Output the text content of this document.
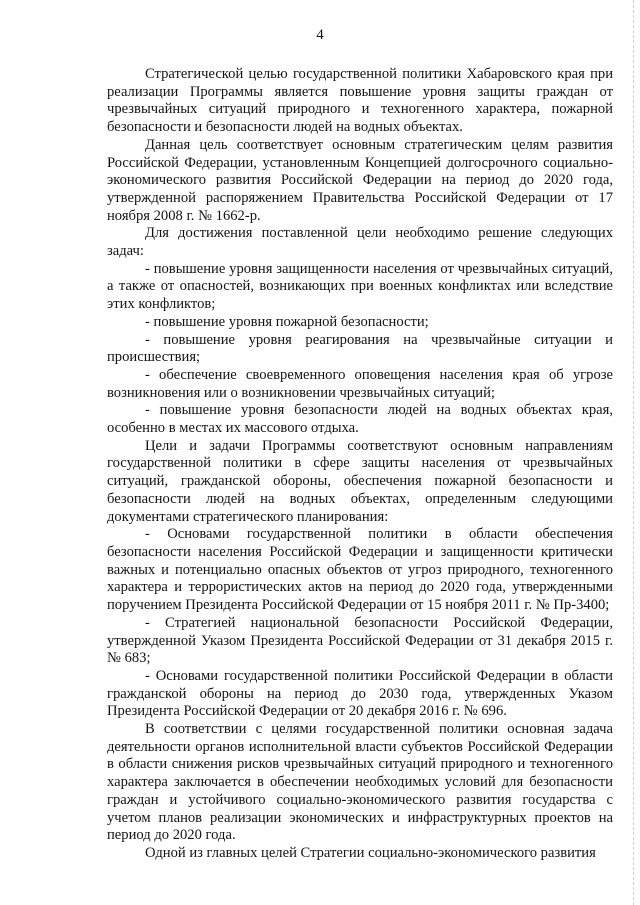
4

Стратегической целью государственной политики Хабаровского края при реализации Программы является повышение уровня защиты граждан от чрезвычайных ситуаций природного и техногенного характера, пожарной безопасности и безопасности людей на водных объектах.

Данная цель соответствует основным стратегическим целям развития Российской Федерации, установленным Концепцией долгосрочного социально-экономического развития Российской Федерации на период до 2020 года, утвержденной распоряжением Правительства Российской Федерации от 17 ноября 2008 г. № 1662-р.

Для достижения поставленной цели необходимо решение следующих задач:

- повышение уровня защищенности населения от чрезвычайных ситуаций, а также от опасностей, возникающих при военных конфликтах или вследствие этих конфликтов;

- повышение уровня пожарной безопасности;

- повышение уровня реагирования на чрезвычайные ситуации и происшествия;

- обеспечение своевременного оповещения населения края об угрозе возникновения или о возникновении чрезвычайных ситуаций;

- повышение уровня безопасности людей на водных объектах края, особенно в местах их массового отдыха.

Цели и задачи Программы соответствуют основным направлениям государственной политики в сфере защиты населения от чрезвычайных ситуаций, гражданской обороны, обеспечения пожарной безопасности и безопасности людей на водных объектах, определенным следующими документами стратегического планирования:

- Основами государственной политики в области обеспечения безопасности населения Российской Федерации и защищенности критически важных и потенциально опасных объектов от угроз природного, техногенного характера и террористических актов на период до 2020 года, утвержденными поручением Президента Российской Федерации от 15 ноября 2011 г. № Пр-3400;

- Стратегией национальной безопасности Российской Федерации, утвержденной Указом Президента Российской Федерации от 31 декабря 2015 г. № 683;

- Основами государственной политики Российской Федерации в области гражданской обороны на период до 2030 года, утвержденных Указом Президента Российской Федерации от 20 декабря 2016 г. № 696.

В соответствии с целями государственной политики основная задача деятельности органов исполнительной власти субъектов Российской Федерации в области снижения рисков чрезвычайных ситуаций природного и техногенного характера заключается в обеспечении необходимых условий для безопасности граждан и устойчивого социально-экономического развития государства с учетом планов реализации экономических и инфраструктурных проектов на период до 2020 года.

Одной из главных целей Стратегии социально-экономического развития
